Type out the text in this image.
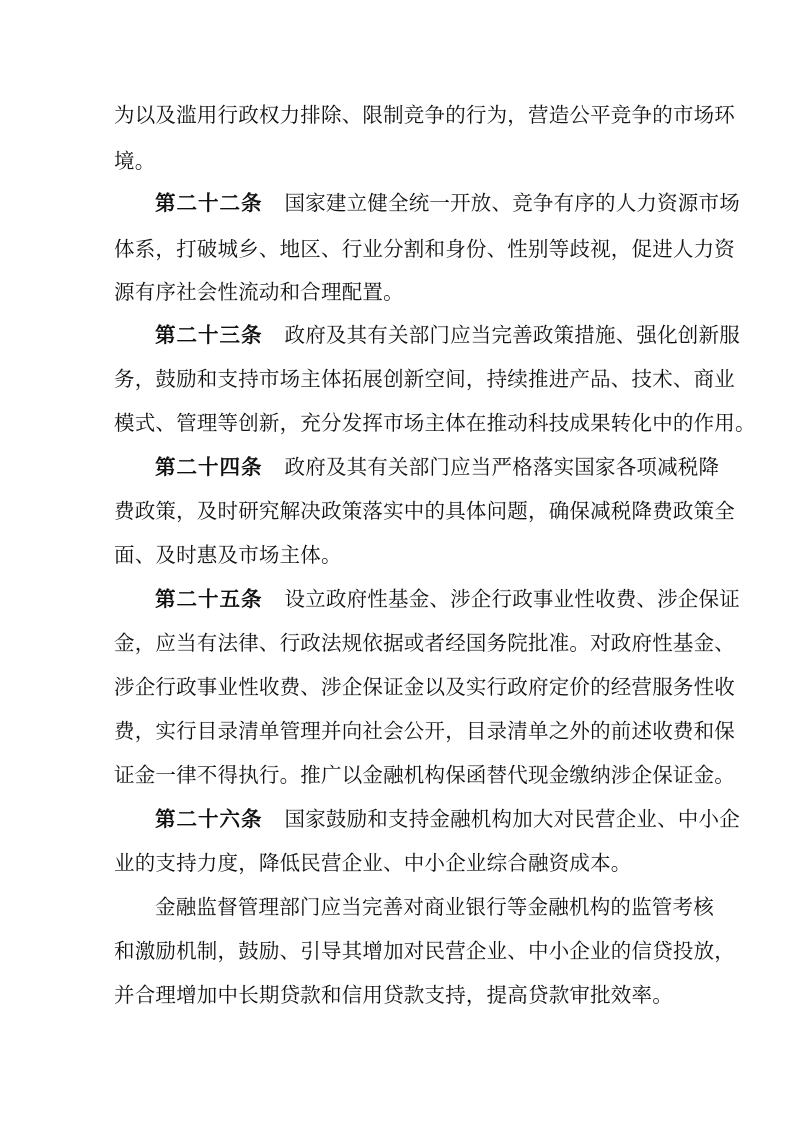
为以及滥用行政权力排除、限制竞争的行为，营造公平竞争的市场环
境。
第二十二条 国家建立健全统一开放、竞争有序的人力资源市场
体系，打破城乡、地区、行业分割和身份、性别等歧视，促进人力资
源有序社会性流动和合理配置。
第二十三条 政府及其有关部门应当完善政策措施、强化创新服
务，鼓励和支持市场主体拓展创新空间，持续推进产品、技术、商业
模式、管理等创新，充分发挥市场主体在推动科技成果转化中的作用。
第二十四条 政府及其有关部门应当严格落实国家各项减税降
费政策，及时研究解决政策落实中的具体问题，确保减税降费政策全
面、及时惠及市场主体。
第二十五条 设立政府性基金、涉企行政事业性收费、涉企保证
金，应当有法律、行政法规依据或者经国务院批准。对政府性基金、
涉企行政事业性收费、涉企保证金以及实行政府定价的经营服务性收
费，实行目录清单管理并向社会公开，目录清单之外的前述收费和保
证金一律不得执行。推广以金融机构保函替代现金缴纳涉企保证金。
第二十六条 国家鼓励和支持金融机构加大对民营企业、中小企
业的支持力度，降低民营企业、中小企业综合融资成本。
金融监督管理部门应当完善对商业银行等金融机构的监管考核
和激励机制，鼓励、引导其增加对民营企业、中小企业的信贷投放，
并合理增加中长期贷款和信用贷款支持，提高贷款审批效率。
